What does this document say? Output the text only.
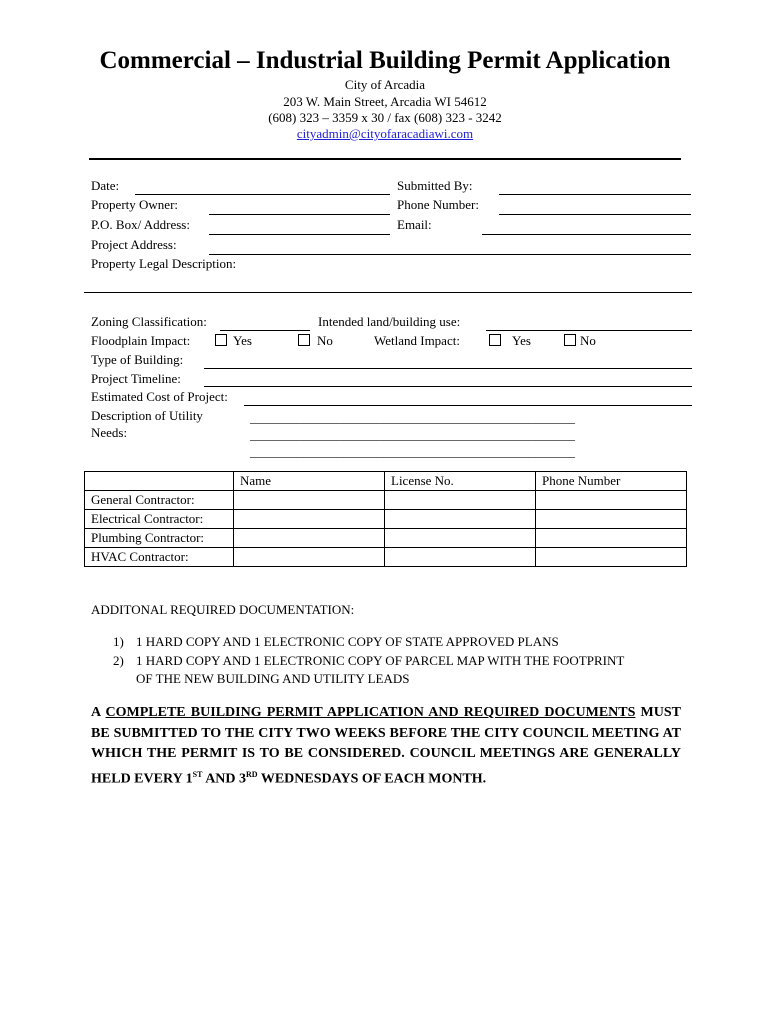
Commercial – Industrial Building Permit Application
City of Arcadia
203 W. Main Street, Arcadia WI 54612
(608) 323 – 3359 x 30 / fax (608) 323 - 3242
cityadmin@cityofaracadiawi.com
Date:	Submitted By:
Property Owner:	Phone Number:
P.O. Box/ Address:	Email:
Project Address:
Property Legal Description:
Zoning Classification:	Intended land/building use:
Floodplain Impact:	Yes	No	Wetland Impact:	Yes	No
Type of Building:
Project Timeline:
Estimated Cost of Project:
Description of Utility
Needs:
________________________________________________________
________________________________________________________
________________________________________________________
	Name	License No.	Phone Number
General Contractor:			
Electrical Contractor:			
Plumbing Contractor:			
HVAC Contractor:			
ADDITONAL REQUIRED DOCUMENTATION:
1) 1 HARD COPY AND 1 ELECTRONIC COPY OF STATE APPROVED PLANS
2) 1 HARD COPY AND 1 ELECTRONIC COPY OF PARCEL MAP WITH THE FOOTPRINT
OF THE NEW BUILDING AND UTILITY LEADS
A COMPLETE BUILDING PERMIT APPLICATION AND REQUIRED DOCUMENTS MUST BE SUBMITTED TO THE CITY TWO WEEKS BEFORE THE CITY COUNCIL MEETING AT WHICH THE PERMIT IS TO BE CONSIDERED. COUNCIL MEETINGS ARE GENERALLY HELD EVERY 1ST AND 3RD WEDNESDAYS OF EACH MONTH.
